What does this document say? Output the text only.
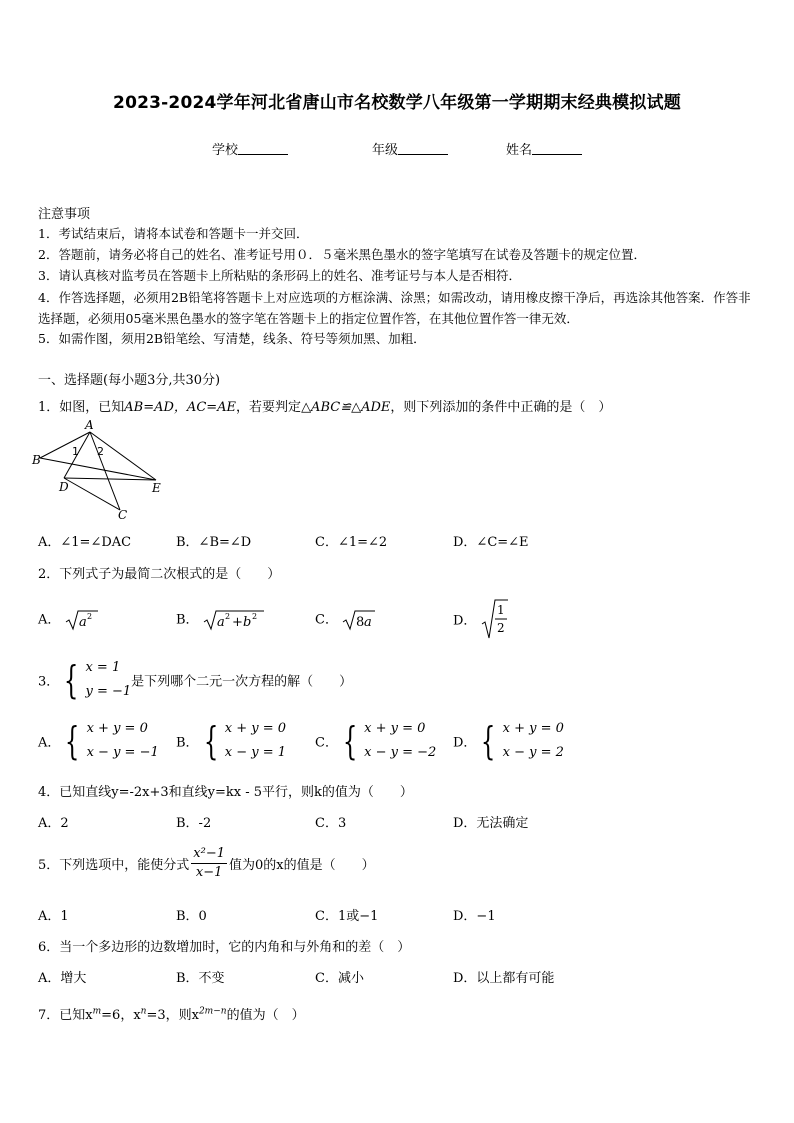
2023-2024学年河北省唐山市名校数学八年级第一学期期末经典模拟试题
学校	年级	姓名
注意事项
1．考试结束后，请将本试卷和答题卡一并交回．
2．答题前，请务必将自己的姓名、准考证号用０．５毫米黑色墨水的签字笔填写在试卷及答题卡的规定位置．
3．请认真核对监考员在答题卡上所粘贴的条形码上的姓名、准考证号与本人是否相符．
4．作答选择题，必须用2B铅笔将答题卡上对应选项的方框涂满、涂黑；如需改动，请用橡皮擦干净后，再选涂其他答案．作答非选择题，必须用05毫米黑色墨水的签字笔在答题卡上的指定位置作答，在其他位置作答一律无效．
5．如需作图，须用2B铅笔绘、写清楚，线条、符号等须加黑、加粗．
一、选择题(每小题3分,共30分)
1．如图，已知AB=AD，AC=AE，若要判定△ABC≌△ADE，则下列添加的条件中正确的是（　）
A
B
D	E
C
1 2
A．∠1=∠DAC	B．∠B=∠D	C．∠1=∠2	D．∠C=∠E
2．下列式子为最简二次根式的是（　　）
A． a 2	B． a 2 + b 2	C． 8 a	D．
1
2
3． { x = 1
y = −1
是下列哪个二元一次方程的解（　　）
A． { x + y = 0
x − y = −1
B． { x + y = 0
x − y = 1
C． { x + y = 0
x − y = −2
D． { x + y = 0
x − y = 2
4．已知直线y=-2x+3和直线y=kx - 5平行，则k的值为（　　）
A．2	B．-2	C．3	D．无法确定
5．下列选项中，能使分式 $\frac{\text{x²−1}}{x-1}$ 值为0的x的值是（　　）
A．1	B．0	C．1或−1	D．−1
6．当一个多边形的边数增加时，它的内角和与外角和的差（　）
A．增大	B．不变	C．减小	D．以上都有可能
7．已知$x^m=6$，$x^n=3$，则$x^{2m-n}$的值为（　）
